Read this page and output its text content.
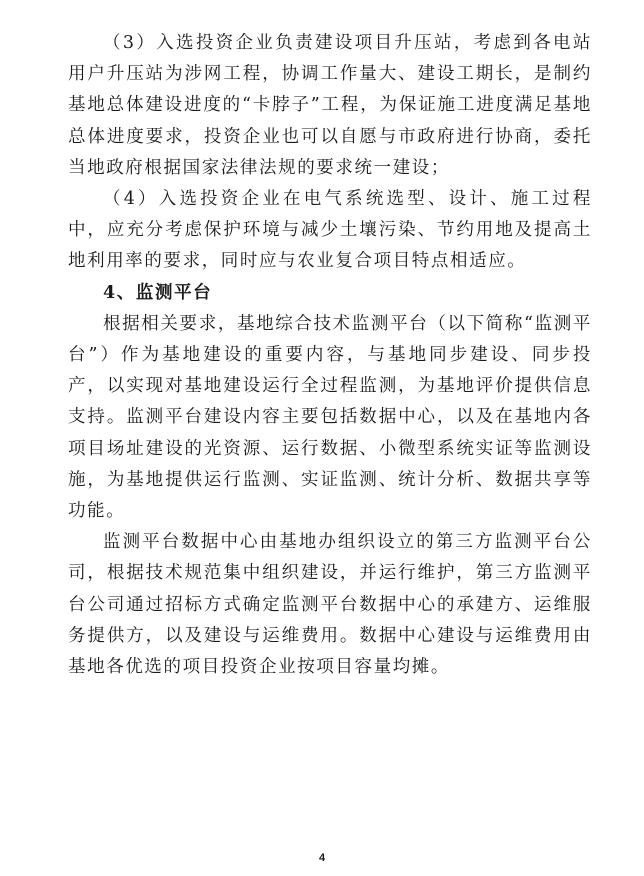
（3）入选投资企业负责建设项目升压站，考虑到各电站用户升压站为涉网工程，协调工作量大、建设工期长，是制约基地总体建设进度的“卡脖子”工程，为保证施工进度满足基地总体进度要求，投资企业也可以自愿与市政府进行协商，委托当地政府根据国家法律法规的要求统一建设；

（4）入选投资企业在电气系统选型、设计、施工过程中，应充分考虑保护环境与减少土壤污染、节约用地及提高土地利用率的要求，同时应与农业复合项目特点相适应。

4、监测平台

根据相关要求，基地综合技术监测平台（以下简称“监测平台”）作为基地建设的重要内容，与基地同步建设、同步投产，以实现对基地建设运行全过程监测，为基地评价提供信息支持。监测平台建设内容主要包括数据中心，以及在基地内各项目场址建设的光资源、运行数据、小微型系统实证等监测设施，为基地提供运行监测、实证监测、统计分析、数据共享等功能。

监测平台数据中心由基地办组织设立的第三方监测平台公司，根据技术规范集中组织建设，并运行维护，第三方监测平台公司通过招标方式确定监测平台数据中心的承建方、运维服务提供方，以及建设与运维费用。数据中心建设与运维费用由基地各优选的项目投资企业按项目容量均摊。

4
